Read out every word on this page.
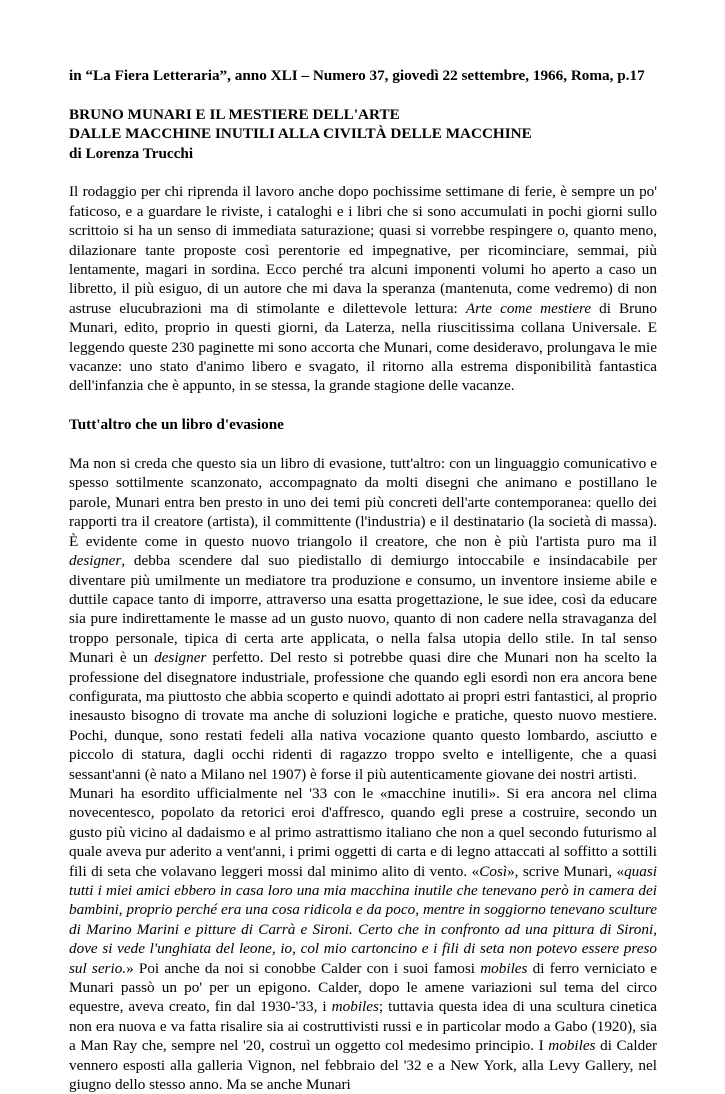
in “La Fiera Letteraria”, anno XLI – Numero 37, giovedì 22 settembre, 1966, Roma, p.17
BRUNO MUNARI E IL MESTIERE DELL'ARTE
DALLE MACCHINE INUTILI ALLA CIVILTÀ DELLE MACCHINE
di Lorenza Trucchi

Il rodaggio per chi riprenda il lavoro anche dopo pochissime settimane di ferie, è sempre un po' faticoso, e a guardare le riviste, i cataloghi e i libri che si sono accumulati in pochi giorni sullo scrittoio si ha un senso di immediata saturazione; quasi si vorrebbe respingere o, quanto meno, dilazionare tante proposte così perentorie ed impegnative, per ricominciare, semmai, più lentamente, magari in sordina. Ecco perché tra alcuni imponenti volumi ho aperto a caso un libretto, il più esiguo, di un autore che mi dava la speranza (mantenuta, come vedremo) di non astruse elucubrazioni ma di stimolante e dilettevole lettura: Arte come mestiere di Bruno Munari, edito, proprio in questi giorni, da Laterza, nella riuscitissima collana Universale. E leggendo queste 230 paginette mi sono accorta che Munari, come desideravo, prolungava le mie vacanze: uno stato d'animo libero e svagato, il ritorno alla estrema disponibilità fantastica dell'infanzia che è appunto, in se stessa, la grande stagione delle vacanze.

Tutt'altro che un libro d'evasione

Ma non si creda che questo sia un libro di evasione, tutt'altro: con un linguaggio comunicativo e spesso sottilmente scanzonato, accompagnato da molti disegni che animano e postillano le parole, Munari entra ben presto in uno dei temi più concreti dell'arte contemporanea: quello dei rapporti tra il creatore (artista), il committente (l'industria) e il destinatario (la società di massa). È evidente come in questo nuovo triangolo il creatore, che non è più l'artista puro ma il designer, debba scendere dal suo piedistallo di demiurgo intoccabile e insindacabile per diventare più umilmente un mediatore tra produzione e consumo, un inventore insieme abile e duttile capace tanto di imporre, attraverso una esatta progettazione, le sue idee, così da educare sia pure indirettamente le masse ad un gusto nuovo, quanto di non cadere nella stravaganza del troppo personale, tipica di certa arte applicata, o nella falsa utopia dello stile. In tal senso Munari è un designer perfetto. Del resto si potrebbe quasi dire che Munari non ha scelto la professione del disegnatore industriale, professione che quando egli esordì non era ancora bene configurata, ma piuttosto che abbia scoperto e quindi adottato ai propri estri fantastici, al proprio inesausto bisogno di trovate ma anche di soluzioni logiche e pratiche, questo nuovo mestiere. Pochi, dunque, sono restati fedeli alla nativa vocazione quanto questo lombardo, asciutto e piccolo di statura, dagli occhi ridenti di ragazzo troppo svelto e intelligente, che a quasi sessant'anni (è nato a Milano nel 1907) è forse il più autenticamente giovane dei nostri artisti.

Munari ha esordito ufficialmente nel '33 con le «macchine inutili». Si era ancora nel clima novecentesco, popolato da retorici eroi d'affresco, quando egli prese a costruire, secondo un gusto più vicino al dadaismo e al primo astrattismo italiano che non a quel secondo futurismo al quale aveva pur aderito a vent'anni, i primi oggetti di carta e di legno attaccati al soffitto a sottili fili di seta che volavano leggeri mossi dal minimo alito di vento. «Così», scrive Munari, «quasi tutti i miei amici ebbero in casa loro una mia macchina inutile che tenevano però in camera dei bambini, proprio perché era una cosa ridicola e da poco, mentre in soggiorno tenevano sculture di Marino Marini e pitture di Carrà e Sironi. Certo che in confronto ad una pittura di Sironi, dove si vede l'unghiata del leone, io, col mio cartoncino e i fili di seta non potevo essere preso sul serio.» Poi anche da noi si conobbe Calder con i suoi famosi mobiles di ferro verniciato e Munari passò un po' per un epigono. Calder, dopo le amene variazioni sul tema del circo equestre, aveva creato, fin dal 1930-'33, i mobiles; tuttavia questa idea di una scultura cinetica non era nuova e va fatta risalire sia ai costruttivisti russi e in particolar modo a Gabo (1920), sia a Man Ray che, sempre nel '20, costruì un oggetto col medesimo principio. I mobiles di Calder vennero esposti alla galleria Vignon, nel febbraio del '32 e a New York, alla Levy Gallery, nel giugno dello stesso anno. Ma se anche Munari
